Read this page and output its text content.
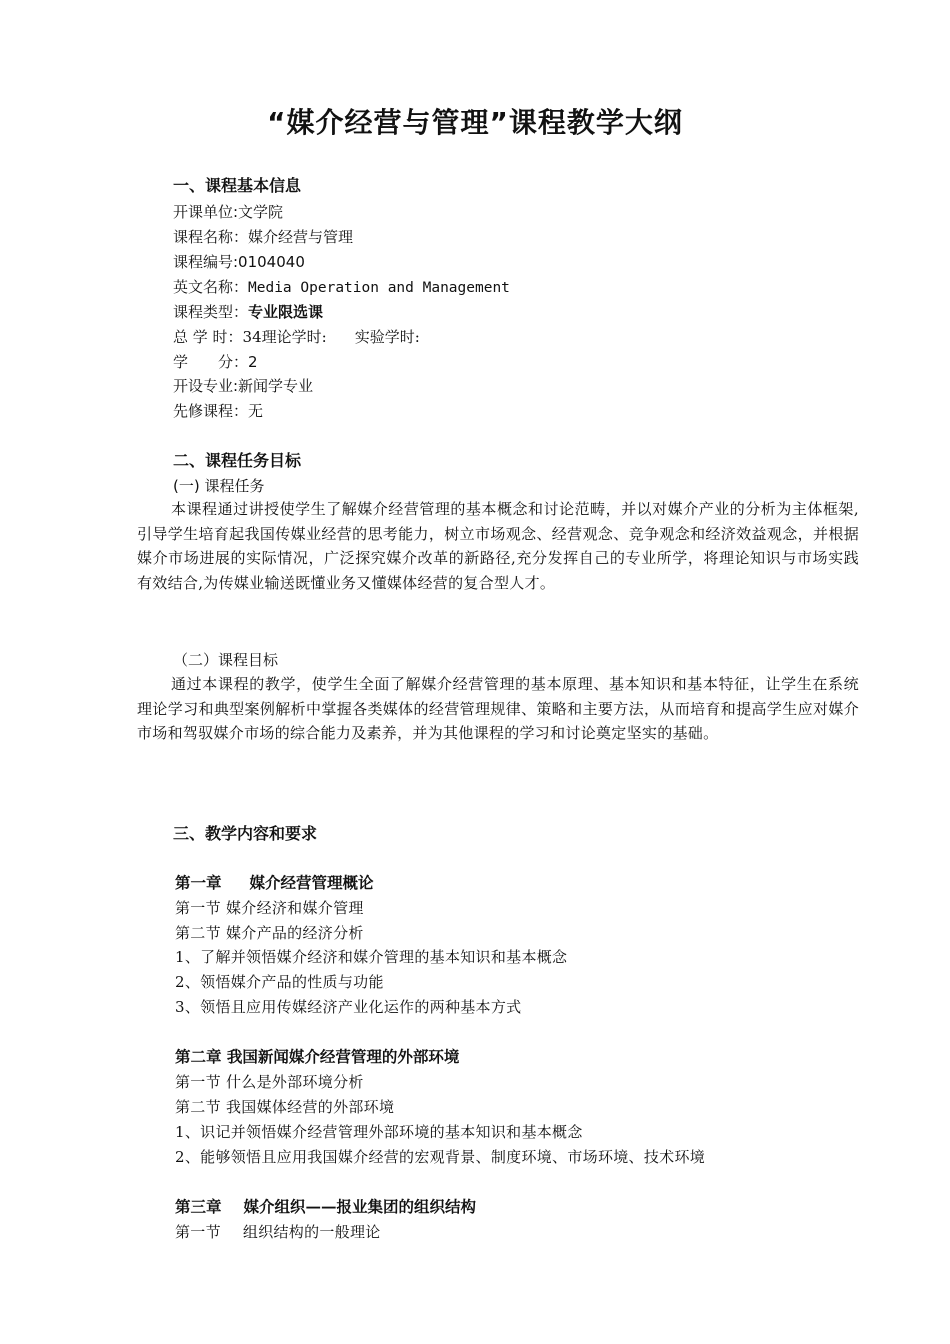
“媒介经营与管理”课程教学大纲
一、课程基本信息
开课单位:文学院
课程名称：媒介经营与管理
课程编号:0104040
英文名称：Media Operation and Management
课程类型：专业限选课
总 学 时：34理论学时: 实验学时:
学　　分：2
开设专业:新闻学专业
先修课程：无
二、课程任务目标
(一) 课程任务
本课程通过讲授使学生了解媒介经营管理的基本概念和讨论范畴，并以对媒介产业的分析为主体框架,引导学生培育起我国传媒业经营的思考能力，树立市场观念、经营观念、竞争观念和经济效益观念，并根据媒介市场进展的实际情况，广泛探究媒介改革的新路径,充分发挥自己的专业所学，将理论知识与市场实践有效结合,为传媒业输送既懂业务又懂媒体经营的复合型人才。
（二）课程目标
通过本课程的教学，使学生全面了解媒介经营管理的基本原理、基本知识和基本特征，让学生在系统理论学习和典型案例解析中掌握各类媒体的经营管理规律、策略和主要方法，从而培育和提高学生应对媒介市场和驾驭媒介市场的综合能力及素养，并为其他课程的学习和讨论奠定坚实的基础。
三、教学内容和要求
第一章 媒介经营管理概论
第一节 媒介经济和媒介管理
第二节 媒介产品的经济分析
1、了解并领悟媒介经济和媒介管理的基本知识和基本概念
2、领悟媒介产品的性质与功能
3、领悟且应用传媒经济产业化运作的两种基本方式
第二章 我国新闻媒介经营管理的外部环境
第一节 什么是外部环境分析
第二节 我国媒体经营的外部环境
1、识记并领悟媒介经营管理外部环境的基本知识和基本概念
2、能够领悟且应用我国媒介经营的宏观背景、制度环境、市场环境、技术环境
第三章 媒介组织——报业集团的组织结构
第一节 组织结构的一般理论
